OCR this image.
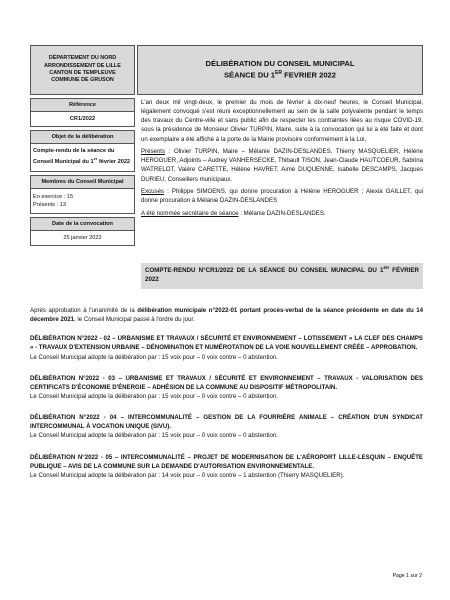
DÉPARTEMENT DU NORD
ARRONDISSEMENT DE LILLE
CANTON DE TEMPLEUVE
COMMUNE DE GRUSON
DÉLIBÉRATION DU CONSEIL MUNICIPAL
SÉANCE DU 1ER FEVRIER 2022
Référence
CR1/2022
Objet de la délibération
Compte-rendu de la séance du Conseil Municipal du 1er février 2022
Membres du Conseil Municipal
En exercice : 15
Présents : 13
Date de la convocation
25 janvier 2022

L'an deux mil vingt-deux, le premier du mois de février à dix-neuf heures, le Conseil Municipal, légalement convoqué s'est réuni exceptionnellement au sein de la salle polyvalente pendant le temps des travaux du Centre-ville et sans public afin de respecter les contraintes liées au risque COVID-19, sous la présidence de Monsieur Olivier TURPIN, Maire, suite à la convocation qui lui a été faite et dont un exemplaire a été affiché à la porte de la Mairie provisoire conformément à la Loi.

Présents : Olivier TURPIN, Maire – Mélanie DAZIN-DESLANDES, Thierry MASQUELIER, Hélène HEROGUER, Adjoints – Audrey VANHERSECKE, Thibault TISON, Jean-Claude HAUTCOEUR, Sabrina WATRELOT, Valère CARETTE, Hélène HAVRET, Aimé DUQUENNE, Isabelle DESCAMPS, Jacques DURIEU, Conseillers municipaux.

Excusés : Philippe SIMOENS, qui donne procuration à Hélène HEROGUER ; Alexia GAILLET, qui donne procuration à Mélanie DAZIN-DESLANDES

A été nommée secrétaire de séance : Mélanie DAZIN-DESLANDES.

COMPTE-RENDU N°CR1/2022 DE LA SÉANCE DU CONSEIL MUNICIPAL DU 1ER FÉVRIER 2022

Après approbation à l'unanimité de la délibération municipale n°2022-01 portant procès-verbal de la séance précédente en date du 14 décembre 2021, le Conseil Municipal passe à l'ordre du jour.

DÉLIBÉRATION N°2022 - 02 – URBANISME ET TRAVAUX / SÉCURITÉ ET ENVIRONNEMENT – LOTISSEMENT « LA CLEF DES CHAMPS » - TRAVAUX D'EXTENSION URBAINE – DÉNOMINATION ET NUMÉROTATION DE LA VOIE NOUVELLEMENT CRÉÉE – APPROBATION.

Le Conseil Municipal adopte la délibération par : 15 voix pour – 0 voix contre – 0 abstention.

DÉLIBÉRATION N°2022 - 03 – URBANISME ET TRAVAUX / SÉCURITÉ ET ENVIRONNEMENT – TRAVAUX - VALORISATION DES CERTIFICATS D'ÉCONOMIE D'ÉNERGIE – ADHÉSION DE LA COMMUNE AU DISPOSITIF MÉTROPOLITAIN.

Le Conseil Municipal adopte la délibération par : 15 voix pour – 0 voix contre – 0 abstention.

DÉLIBÉRATION N°2022 - 04 – INTERCOMMUNALITÉ – GESTION DE LA FOURRIÈRE ANIMALE – CRÉATION D'UN SYNDICAT INTERCOMMUNAL À VOCATION UNIQUE (SIVU).

Le Conseil Municipal adopte la délibération par : 15 voix pour – 0 voix contre – 0 abstention.

DÉLIBÉRATION N°2022 - 05 – INTERCOMMUNALITÉ – PROJET DE MODERNISATION DE L'AÉROPORT LILLE-LESQUIN – ENQUÊTE PUBLIQUE – AVIS DE LA COMMUNE SUR LA DEMANDE D'AUTORISATION ENVIRONNEMENTALE.

Le Conseil Municipal adopte la délibération par : 14 voix pour – 0 voix contre – 1 abstention (Thierry MASQUELIER).

Page 1 sur 2
